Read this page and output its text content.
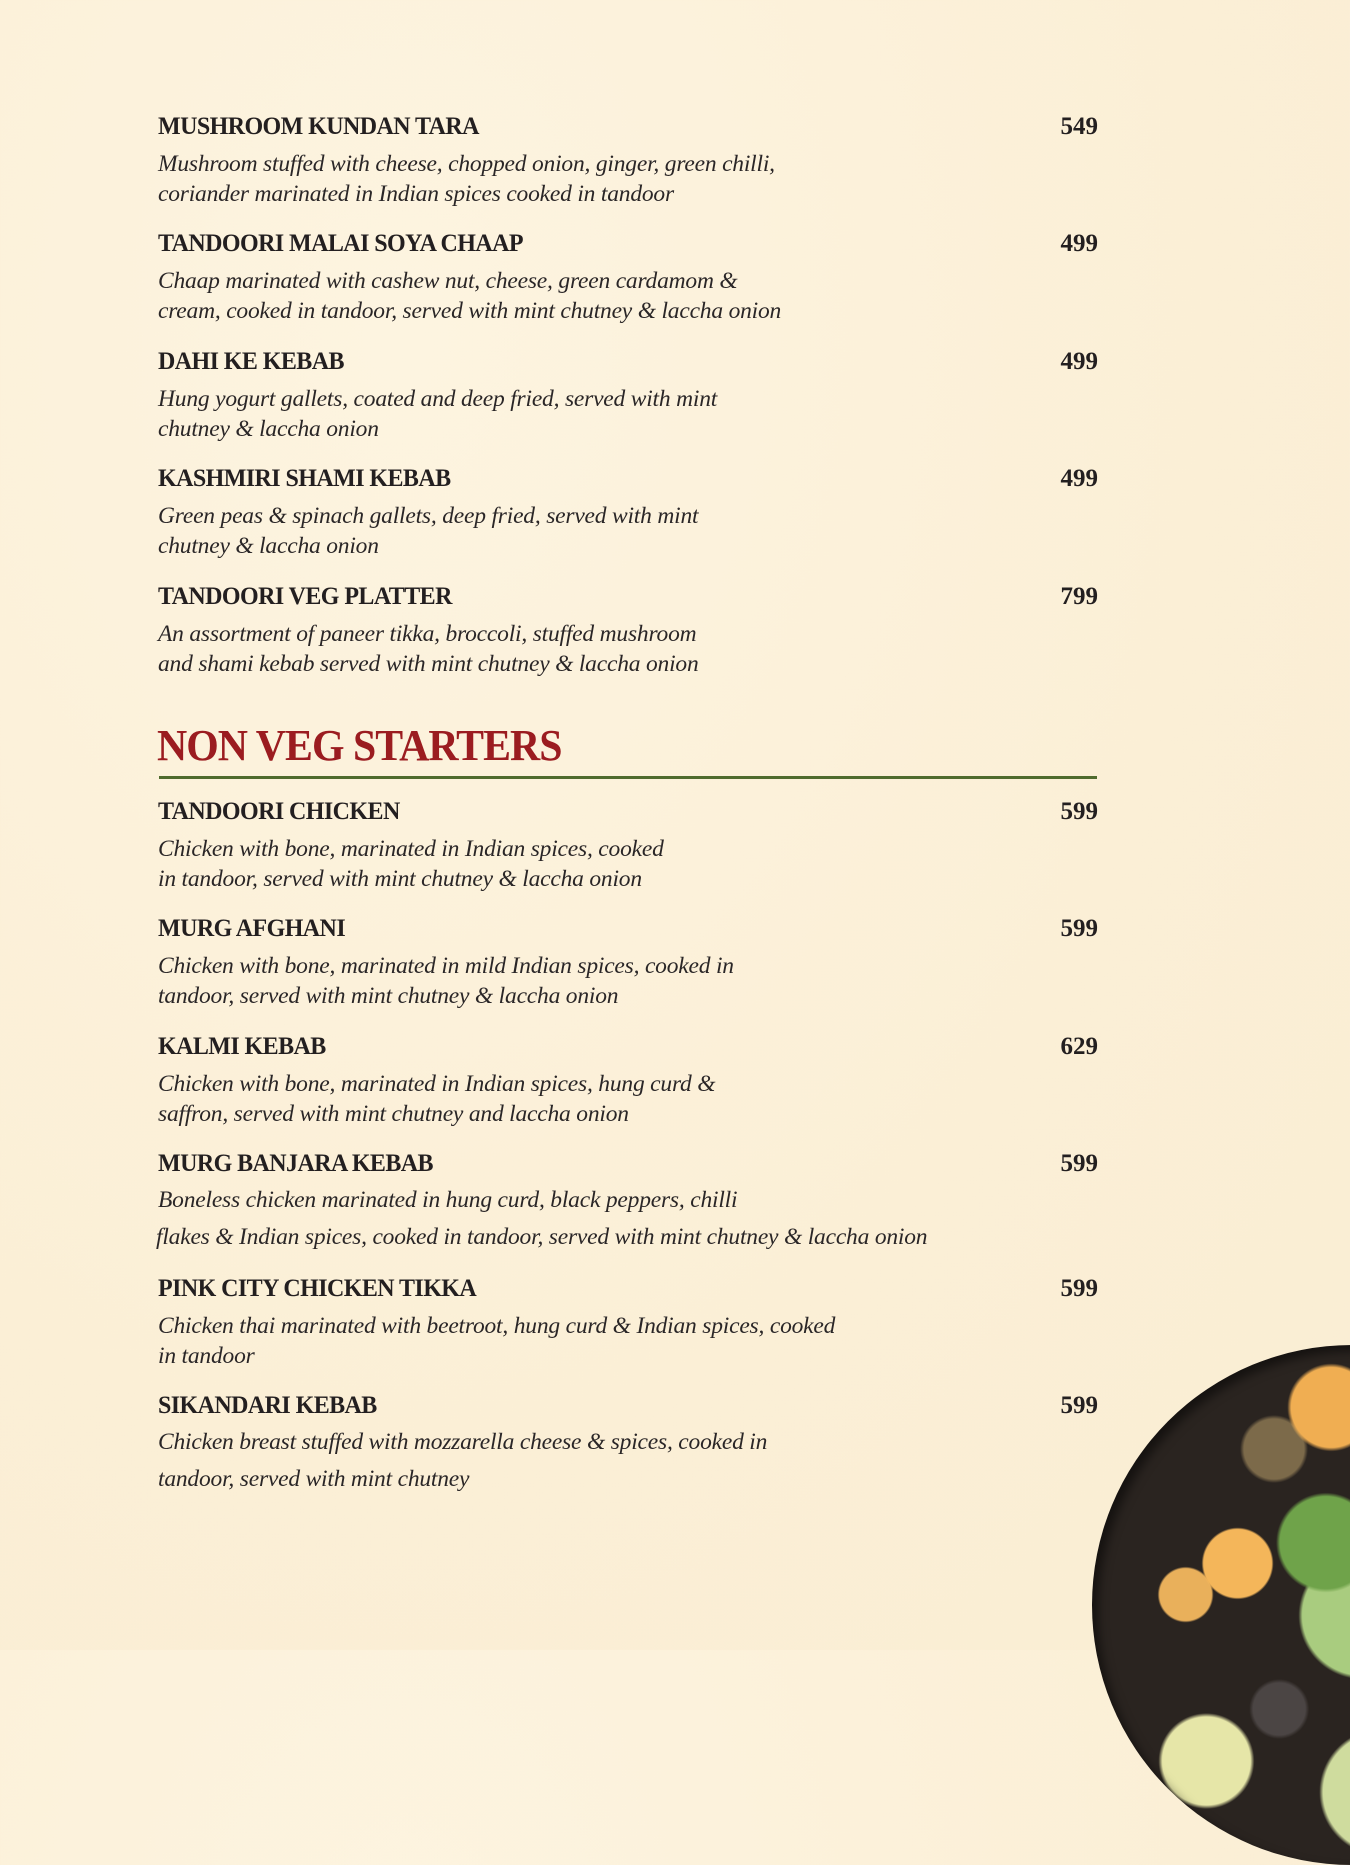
MUSHROOM KUNDAN TARA	549
Mushroom stuffed with cheese, chopped onion, ginger, green chilli,
coriander marinated in Indian spices cooked in tandoor
TANDOORI MALAI SOYA CHAAP	499
Chaap marinated with cashew nut, cheese, green cardamom &
cream, cooked in tandoor, served with mint chutney & laccha onion
DAHI KE KEBAB	499
Hung yogurt gallets, coated and deep fried, served with mint
chutney & laccha onion
KASHMIRI SHAMI KEBAB	499
Green peas & spinach gallets, deep fried, served with mint
chutney & laccha onion
TANDOORI VEG PLATTER	799
An assortment of paneer tikka, broccoli, stuffed mushroom
and shami kebab served with mint chutney & laccha onion
NON VEG STARTERS
TANDOORI CHICKEN	599
Chicken with bone, marinated in Indian spices, cooked
in tandoor, served with mint chutney & laccha onion
MURG AFGHANI	599
Chicken with bone, marinated in mild Indian spices, cooked in
tandoor, served with mint chutney & laccha onion
KALMI KEBAB	629
Chicken with bone, marinated in Indian spices, hung curd &
saffron, served with mint chutney and laccha onion
MURG BANJARA KEBAB	599
Boneless chicken marinated in hung curd, black peppers, chilli
flakes & Indian spices, cooked in tandoor, served with mint chutney & laccha onion
PINK CITY CHICKEN TIKKA	599
Chicken thai marinated with beetroot, hung curd & Indian spices, cooked
in tandoor
SIKANDARI KEBAB	599
Chicken breast stuffed with mozzarella cheese & spices, cooked in
tandoor, served with mint chutney
